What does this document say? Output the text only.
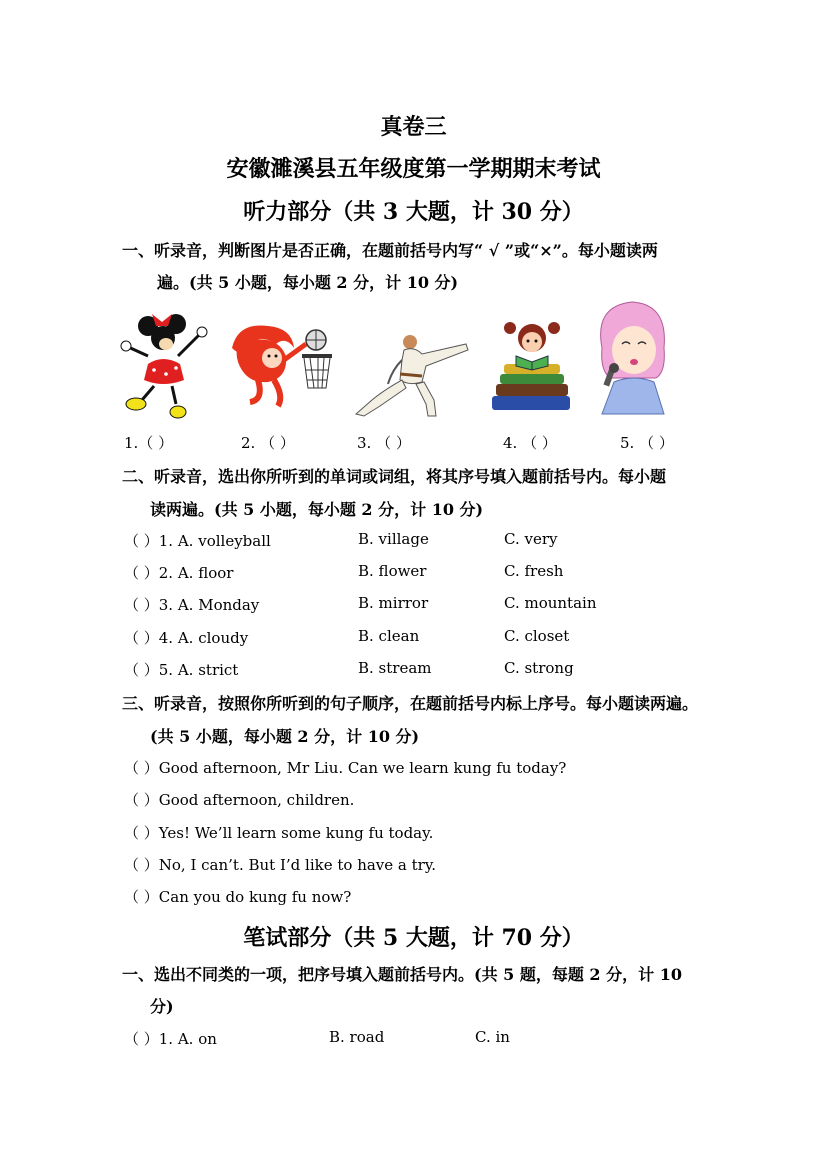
真卷三
安徽濉溪县五年级度第一学期期末考试
听力部分（共 3 大题，计 30 分）
一、听录音，判断图片是否正确，在题前括号内写“ √ ”或“×”。每小题读两
遍。(共 5 小题，每小题 2 分，计 10 分)
1.（ ）	2. （ ）	3. （ ）	4. （ ）	5. （ ）
二、听录音，选出你所听到的单词或词组，将其序号填入题前括号内。每小题
读两遍。(共 5 小题，每小题 2 分，计 10 分)
（ ）1. A. volleyball	B. village	C. very
（ ）2. A. floor	B. flower	C. fresh
（ ）3. A. Monday	B. mirror	C. mountain
（ ）4. A. cloudy	B. clean	C. closet
（ ）5. A. strict	B. stream	C. strong
三、听录音，按照你所听到的句子顺序，在题前括号内标上序号。每小题读两遍。
(共 5 小题，每小题 2 分，计 10 分)
（ ）Good afternoon, Mr Liu. Can we learn kung fu today?
（ ）Good afternoon, children.
（ ）Yes! We’ll learn some kung fu today.
（ ）No, I can’t. But I’d like to have a try.
（ ）Can you do kung fu now?
笔试部分（共 5 大题，计 70 分）
一、选出不同类的一项，把序号填入题前括号内。(共 5 题，每题 2 分，计 10
分)
（ ）1. A. on	B. road	C. in
